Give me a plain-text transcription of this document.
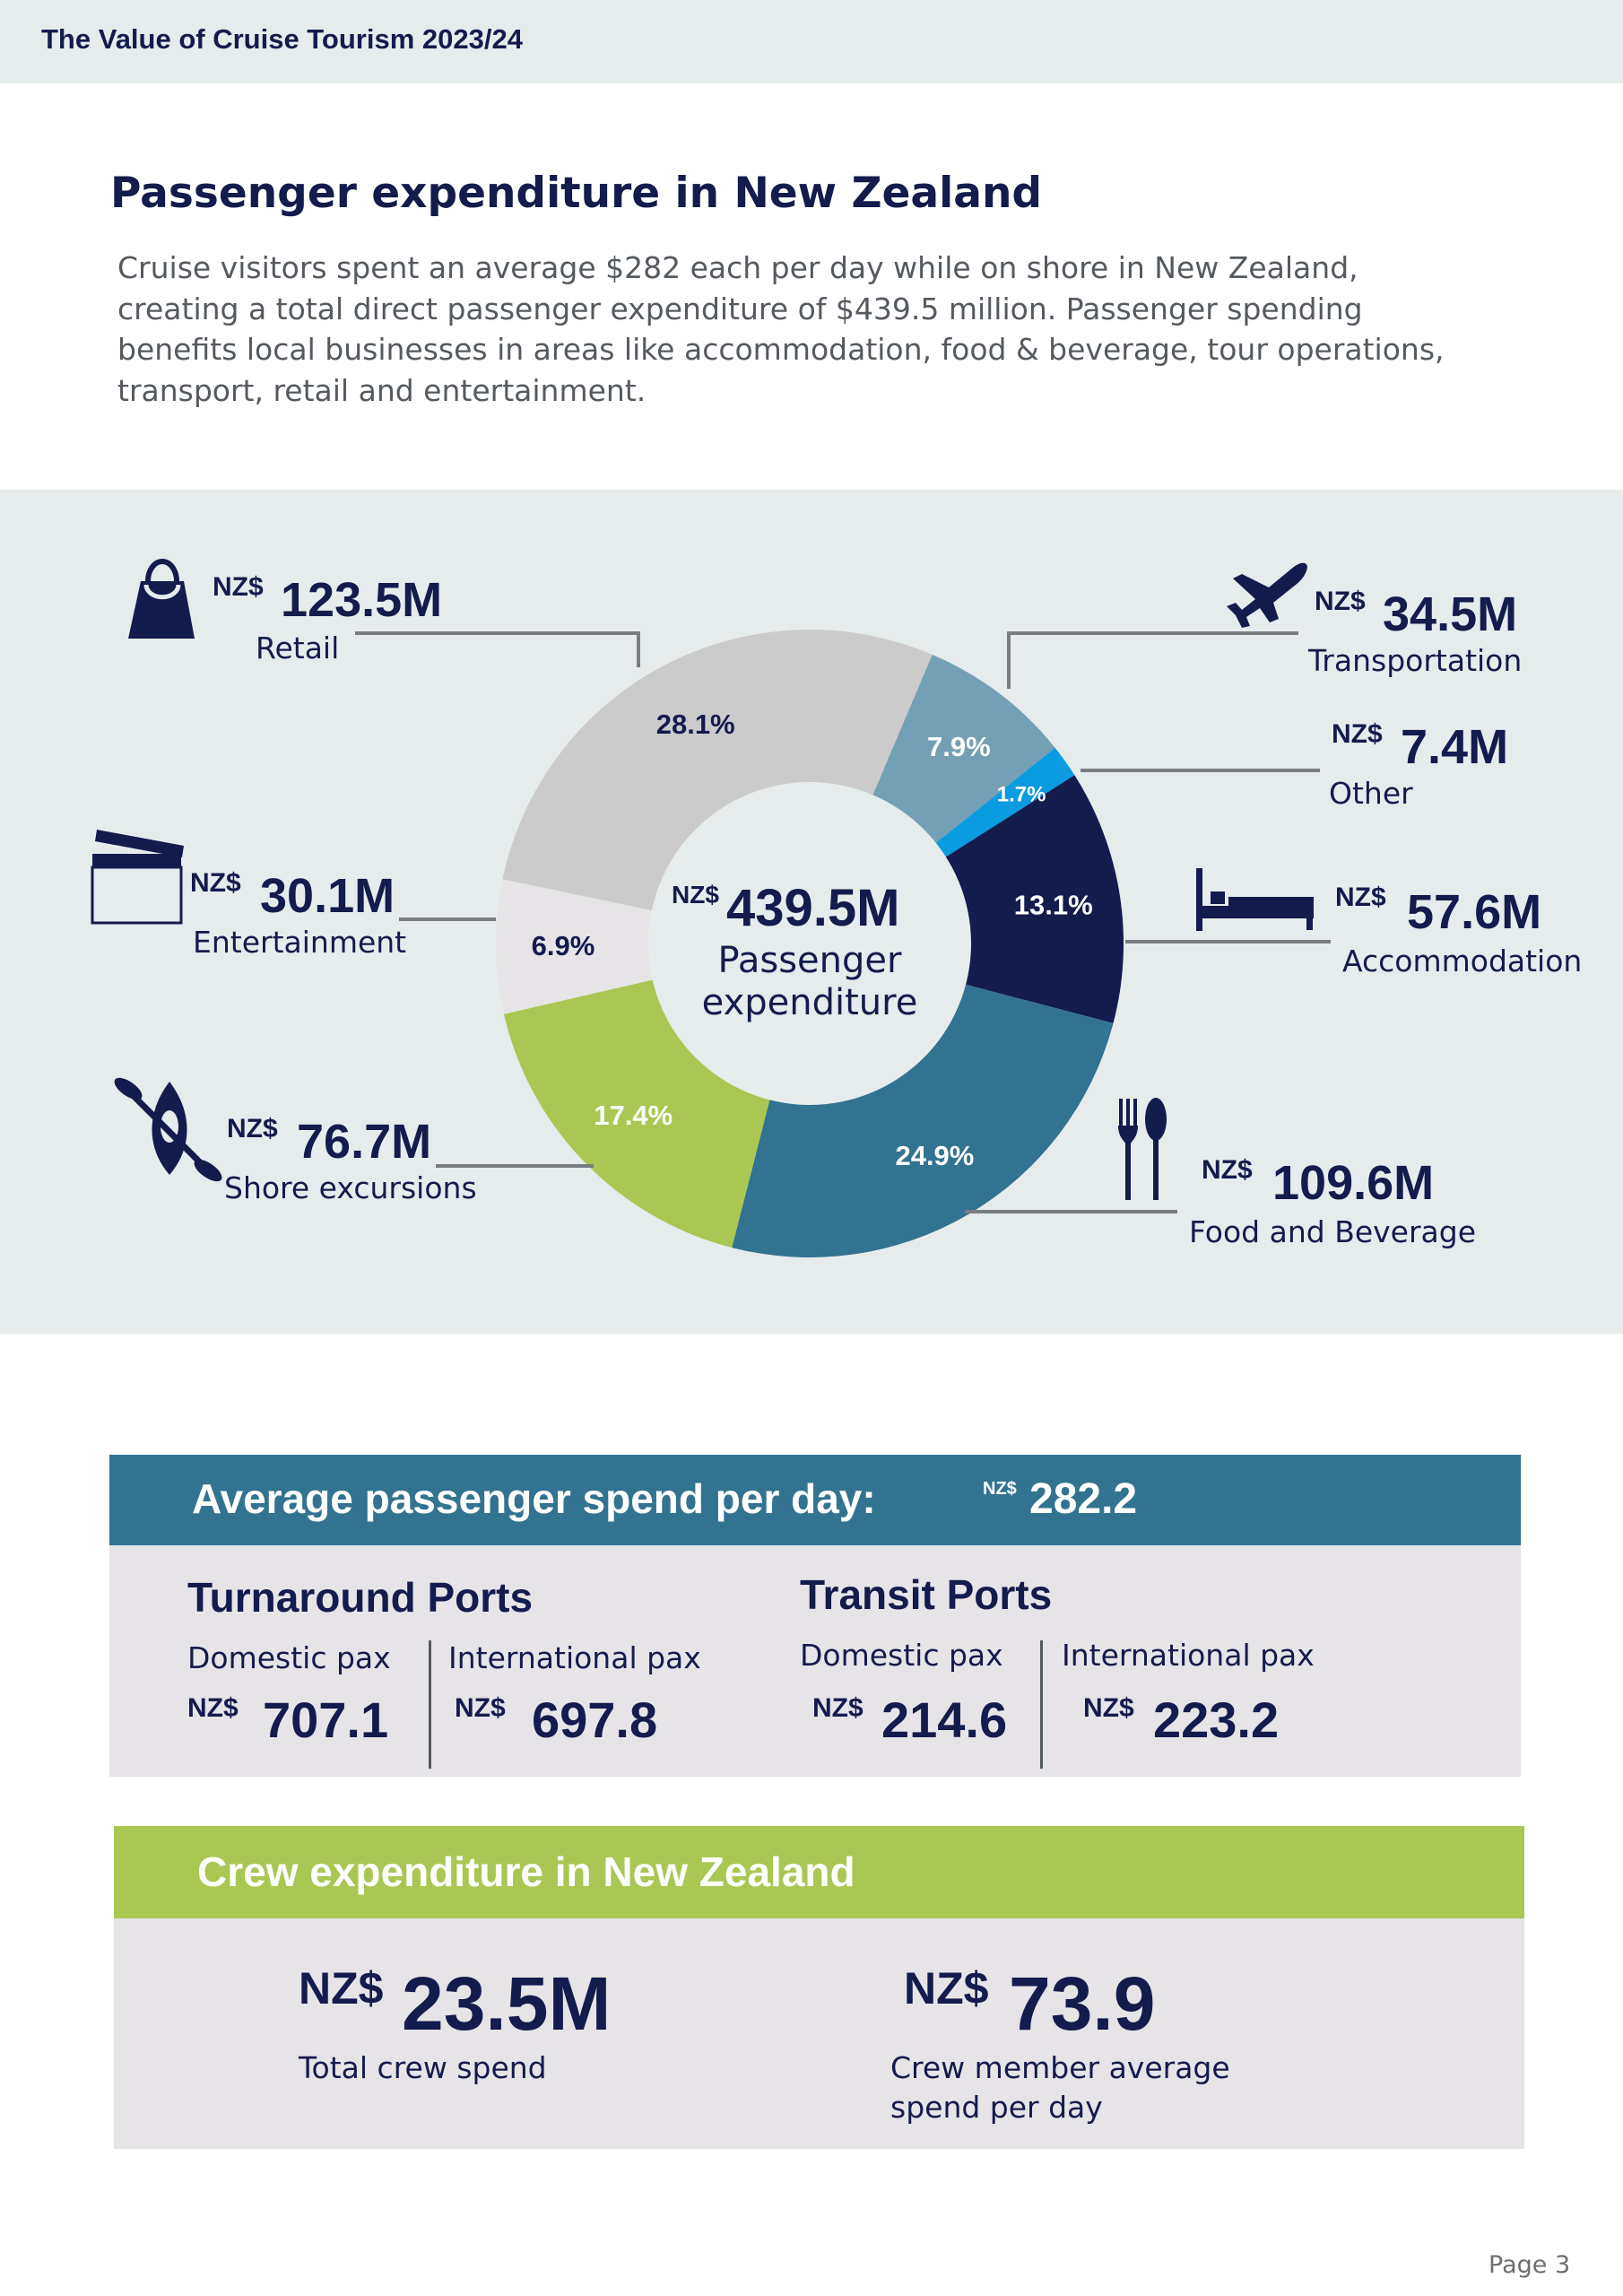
The Value of Cruise Tourism 2023/24
Passenger expenditure in New Zealand
Cruise visitors spent an average $282 each per day while on shore in New Zealand,
creating a total direct passenger expenditure of $439.5 million. Passenger spending
benefits local businesses in areas like accommodation, food & beverage, tour operations,
transport, retail and entertainment.
7.9%
1.7%
13.1%
24.9%
17.4%
6.9%
28.1%
NZ$ 439.5M
Passenger
expenditure
NZ$ 123.5M
Retail
NZ$ 34.5M
Transportation
NZ$ 7.4M
Other
NZ$ 57.6M
Accommodation
NZ$ 109.6M
Food and Beverage
NZ$ 30.1M
Entertainment
NZ$ 76.7M
Shore excursions
Average passenger spend per day:	NZ$ 282.2
Turnaround Ports
Domestic pax International pax
NZ$ 707.1 NZ$ 697.8
Transit Ports
Domestic pax International pax
NZ$ 214.6	NZ$ 223.2
Crew expenditure in New Zealand
NZ$ 23.5M
Total crew spend
NZ$ 73.9
Crew member average
spend per day
Page 3
